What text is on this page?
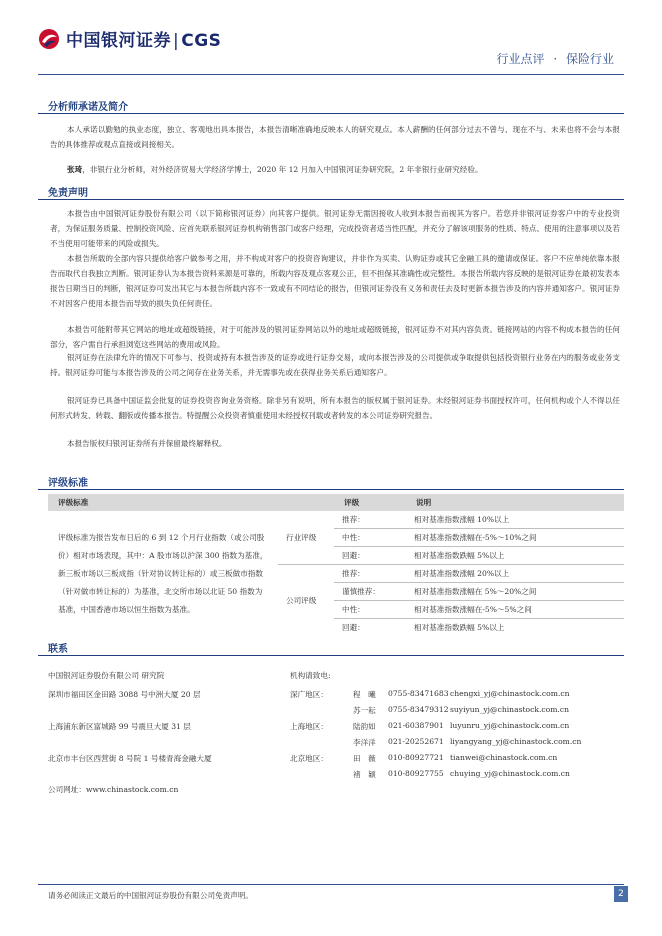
中国银河证券 | CGS
行业点评 · 保险行业
分析师承诺及简介
本人承诺以勤勉的执业态度，独立、客观地出具本报告，本报告清晰准确地反映本人的研究观点。本人薪酬的任何部分过去不曾与、现在不与、未来也将不会与本报告的具体推荐或观点直接或间接相关。
张琦，非银行业分析师，对外经济贸易大学经济学博士，2020 年 12 月加入中国银河证券研究院，2 年非银行业研究经验。
免责声明
本报告由中国银河证券股份有限公司（以下简称银河证券）向其客户提供。银河证券无需因接收人收到本报告而视其为客户。若您并非银河证券客户中的专业投资者，为保证服务质量、控制投资风险、应首先联系银河证券机构销售部门或客户经理，完成投资者适当性匹配，并充分了解该项服务的性质、特点、使用的注意事项以及若不当使用可能带来的风险或损失。
本报告所载的全部内容只提供给客户做参考之用，并不构成对客户的投资咨询建议，并非作为买卖、认购证券或其它金融工具的邀请或保证。客户不应单纯依靠本报告而取代自我独立判断。银河证券认为本报告资料来源是可靠的，所载内容及观点客观公正，但不担保其准确性或完整性。本报告所载内容反映的是银河证券在最初发表本报告日期当日的判断，银河证券可发出其它与本报告所载内容不一致或有不同结论的报告，但银河证券没有义务和责任去及时更新本报告涉及的内容并通知客户。银河证券不对因客户使用本报告而导致的损失负任何责任。
本报告可能附带其它网站的地址或超级链接，对于可能涉及的银河证券网站以外的地址或超级链接，银河证券不对其内容负责。链接网站的内容不构成本报告的任何部分，客户需自行承担浏览这些网站的费用或风险。
银河证券在法律允许的情况下可参与、投资或持有本报告涉及的证券或进行证券交易，或向本报告涉及的公司提供或争取提供包括投资银行业务在内的服务或业务支持。银河证券可能与本报告涉及的公司之间存在业务关系，并无需事先或在获得业务关系后通知客户。
银河证券已具备中国证监会批复的证券投资咨询业务资格。除非另有说明，所有本报告的版权属于银河证券。未经银河证券书面授权许可，任何机构或个人不得以任何形式转发、转载、翻版或传播本报告。特提醒公众投资者慎重使用未经授权刊载或者转发的本公司证券研究报告。
本报告版权归银河证券所有并保留最终解释权。
评级标准
评级标准		评级	说明
评级标准为报告发布日后的 6 到 12 个月行业指数（或公司股价）相对市场表现，其中：A 股市场以沪深 300 指数为基准，新三板市场以三板成指（针对协议转让标的）或三板做市指数（针对做市转让标的）为基准，北交所市场以北证 50 指数为基准，中国香港市场以恒生指数为基准。	行业评级	推荐：	相对基准指数涨幅 10%以上
		中性：	相对基准指数涨幅在-5%～10%之间
		回避：	相对基准指数跌幅 5%以上
	公司评级	推荐：	相对基准指数涨幅 20%以上
		谨慎推荐：	相对基准指数涨幅在 5%～20%之间
		中性：	相对基准指数涨幅在-5%～5%之间
		回避：	相对基准指数跌幅 5%以上
联系
中国银河证券股份有限公司 研究院	机构请致电:
深圳市福田区金田路 3088 号中洲大厦 20 层
上海浦东新区富城路 99 号震旦大厦 31 层
北京市丰台区西营街 8 号院 1 号楼青海金融大厦
深广地区：	程　曦 0755-83471683 chengxi_yj@chinastock.com.cn
苏一耘 0755-83479312 suyiyun_yj@chinastock.com.cn
上海地区：	陆韵如 021-60387901 luyunru_yj@chinastock.com.cn
李洋洋 021-20252671 liyangyang_yj@chinastock.com.cn
北京地区：	田　薇 010-80927721 tianwei@chinastock.com.cn
褚　颖 010-80927755 chuying_yj@chinastock.com.cn
公司网址：www.chinastock.com.cn
请务必阅读正文最后的中国银河证券股份有限公司免责声明。	2
